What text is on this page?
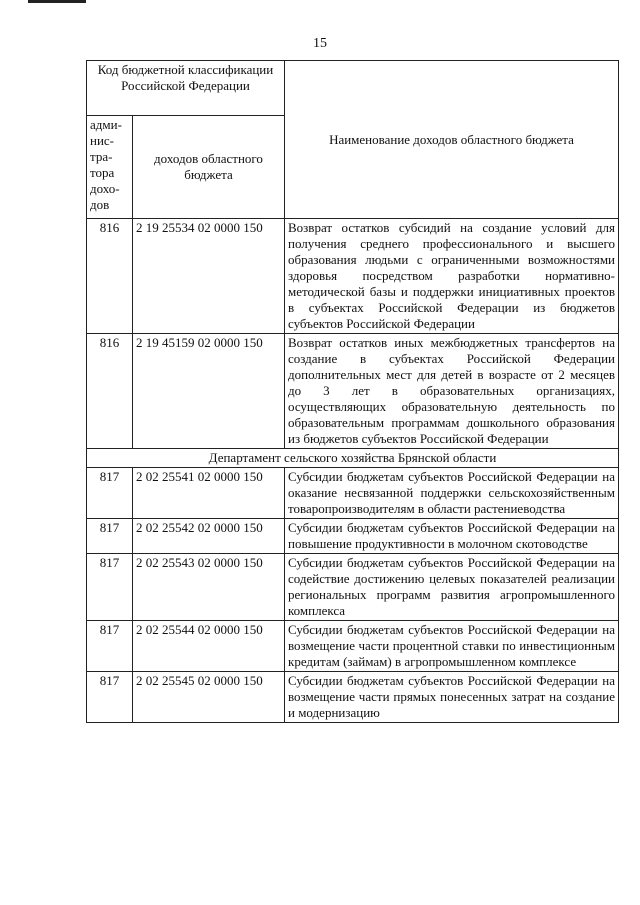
15
Код бюджетной классификации Российской Федерации		Наименование доходов областного бюджета
адми-нис-тра-тора дохо-дов	доходов областного бюджета	
816	2 19 25534 02 0000 150	Возврат остатков субсидий на создание условий для получения среднего профессионального и высшего образования людьми с ограниченными возможностями здоровья посредством разработки нормативно-методической базы и поддержки инициативных проектов в субъектах Российской Федерации из бюджетов субъектов Российской Федерации
816	2 19 45159 02 0000 150	Возврат остатков иных межбюджетных трансфертов на создание в субъектах Российской Федерации дополнительных мест для детей в возрасте от 2 месяцев до 3 лет в образовательных организациях, осуществляющих образовательную деятельность по образовательным программам дошкольного образования из бюджетов субъектов Российской Федерации
Департамент сельского хозяйства Брянской области		
817	2 02 25541 02 0000 150	Субсидии бюджетам субъектов Российской Федерации на оказание несвязанной поддержки сельскохозяйственным товаропроизводителям в области растениеводства
817	2 02 25542 02 0000 150	Субсидии бюджетам субъектов Российской Федерации на повышение продуктивности в молочном скотоводстве
817	2 02 25543 02 0000 150	Субсидии бюджетам субъектов Российской Федерации на содействие достижению целевых показателей реализации региональных программ развития агропромышленного комплекса
817	2 02 25544 02 0000 150	Субсидии бюджетам субъектов Российской Федерации на возмещение части процентной ставки по инвестиционным кредитам (займам) в агропромышленном комплексе
817	2 02 25545 02 0000 150	Субсидии бюджетам субъектов Российской Федерации на возмещение части прямых понесенных затрат на создание и модернизацию
